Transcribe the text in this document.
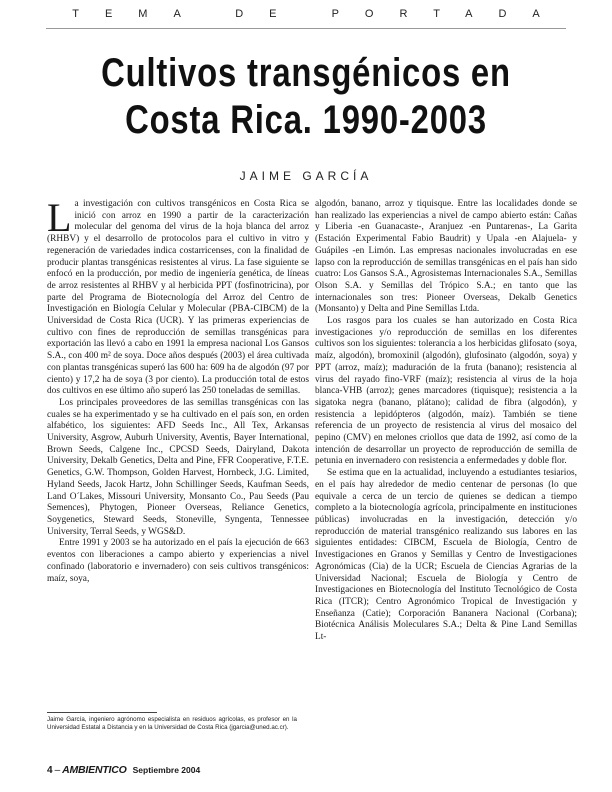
TEMA DE PORTADA
Cultivos transgénicos en
Costa Rica. 1990-2003
JAIME GARCÍA

La investigación con cultivos transgénicos en Costa Rica se inició con arroz en 1990 a partir de la caracterización molecular del genoma del virus de la hoja blanca del arroz (RHBV) y el desarrollo de protocolos para el cultivo in vitro y regeneración de variedades indica costarricenses, con la finalidad de producir plantas transgénicas resistentes al virus. La fase siguiente se enfocó en la producción, por medio de ingeniería genética, de líneas de arroz resistentes al RHBV y al herbicida PPT (fosfinotricina), por parte del Programa de Biotecnología del Arroz del Centro de Investigación en Biología Celular y Molecular (PBA-CIBCM) de la Universidad de Costa Rica (UCR). Y las primeras experiencias de cultivo con fines de reproducción de semillas transgénicas para exportación las llevó a cabo en 1991 la empresa nacional Los Gansos S.A., con 400 m² de soya. Doce años después (2003) el área cultivada con plantas transgénicas superó las 600 ha: 609 ha de algodón (97 por ciento) y 17,2 ha de soya (3 por ciento). La producción total de estos dos cultivos en ese último año superó las 250 toneladas de semillas.

Los principales proveedores de las semillas transgénicas con las cuales se ha experimentado y se ha cultivado en el país son, en orden alfabético, los siguientes: AFD Seeds Inc., All Tex, Arkansas University, Asgrow, Auburh University, Aventis, Bayer International, Brown Seeds, Calgene Inc., CPCSD Seeds, Dairyland, Dakota University, Dekalb Genetics, Delta and Pine, FFR Cooperative, F.T.E. Genetics, G.W. Thompson, Golden Harvest, Hornbeck, J.G. Limited, Hyland Seeds, Jacok Hartz, John Schillinger Seeds, Kaufman Seeds, Land O´Lakes, Missouri University, Monsanto Co., Pau Seeds (Pau Semences), Phytogen, Pioneer Overseas, Reliance Genetics, Soygenetics, Steward Seeds, Stoneville, Syngenta, Tennessee University, Terral Seeds, y WGS&D.

Entre 1991 y 2003 se ha autorizado en el país la ejecución de 663 eventos con liberaciones a campo abierto y experiencias a nivel confinado (laboratorio e invernadero) con seis cultivos transgénicos: maíz, soya,

algodón, banano, arroz y tiquisque. Entre las localidades donde se han realizado las experiencias a nivel de campo abierto están: Cañas y Liberia -en Guanacaste-, Aranjuez -en Puntarenas-, La Garita (Estación Experimental Fabio Baudrit) y Upala -en Alajuela- y Guápiles -en Limón. Las empresas nacionales involucradas en ese lapso con la reproducción de semillas transgénicas en el país han sido cuatro: Los Gansos S.A., Agrosistemas Internacionales S.A., Semillas Olson S.A. y Semillas del Trópico S.A.; en tanto que las internacionales son tres: Pioneer Overseas, Dekalb Genetics (Monsanto) y Delta and Pine Semillas Ltda.

Los rasgos para los cuales se han autorizado en Costa Rica investigaciones y/o reproducción de semillas en los diferentes cultivos son los siguientes: tolerancia a los herbicidas glifosato (soya, maíz, algodón), bromoxinil (algodón), glufosinato (algodón, soya) y PPT (arroz, maíz); maduración de la fruta (banano); resistencia al virus del rayado fino-VRF (maíz); resistencia al virus de la hoja blanca-VHB (arroz); genes marcadores (tiquisque); resistencia a la sigatoka negra (banano, plátano); calidad de fibra (algodón), y resistencia a lepidópteros (algodón, maíz). También se tiene referencia de un proyecto de resistencia al virus del mosaico del pepino (CMV) en melones criollos que data de 1992, así como de la intención de desarrollar un proyecto de reproducción de semilla de petunia en invernadero con resistencia a enfermedades y doble flor.

Se estima que en la actualidad, incluyendo a estudiantes tesiarios, en el país hay alrededor de medio centenar de personas (lo que equivale a cerca de un tercio de quienes se dedican a tiempo completo a la biotecnología agrícola, principalmente en instituciones públicas) involucradas en la investigación, detección y/o reproducción de material transgénico realizando sus labores en las siguientes entidades: CIBCM, Escuela de Biología, Centro de Investigaciones en Granos y Semillas y Centro de Investigaciones Agronómicas (Cia) de la UCR; Escuela de Ciencias Agrarias de la Universidad Nacional; Escuela de Biología y Centro de Investigaciones en Biotecnología del Instituto Tecnológico de Costa Rica (ITCR); Centro Agronómico Tropical de Investigación y Enseñanza (Catie); Corporación Bananera Nacional (Corbana); Biotécnica Análisis Moleculares S.A.; Delta & Pine Land Semillas Lt-

Jaime García, ingeniero agrónomo especialista en residuos agrícolas, es profesor en la Universidad Estatal a Distancia y en la Universidad de Costa Rica (jgarcia@uned.ac.cr).
4 – AMBIENTICO Septiembre 2004
